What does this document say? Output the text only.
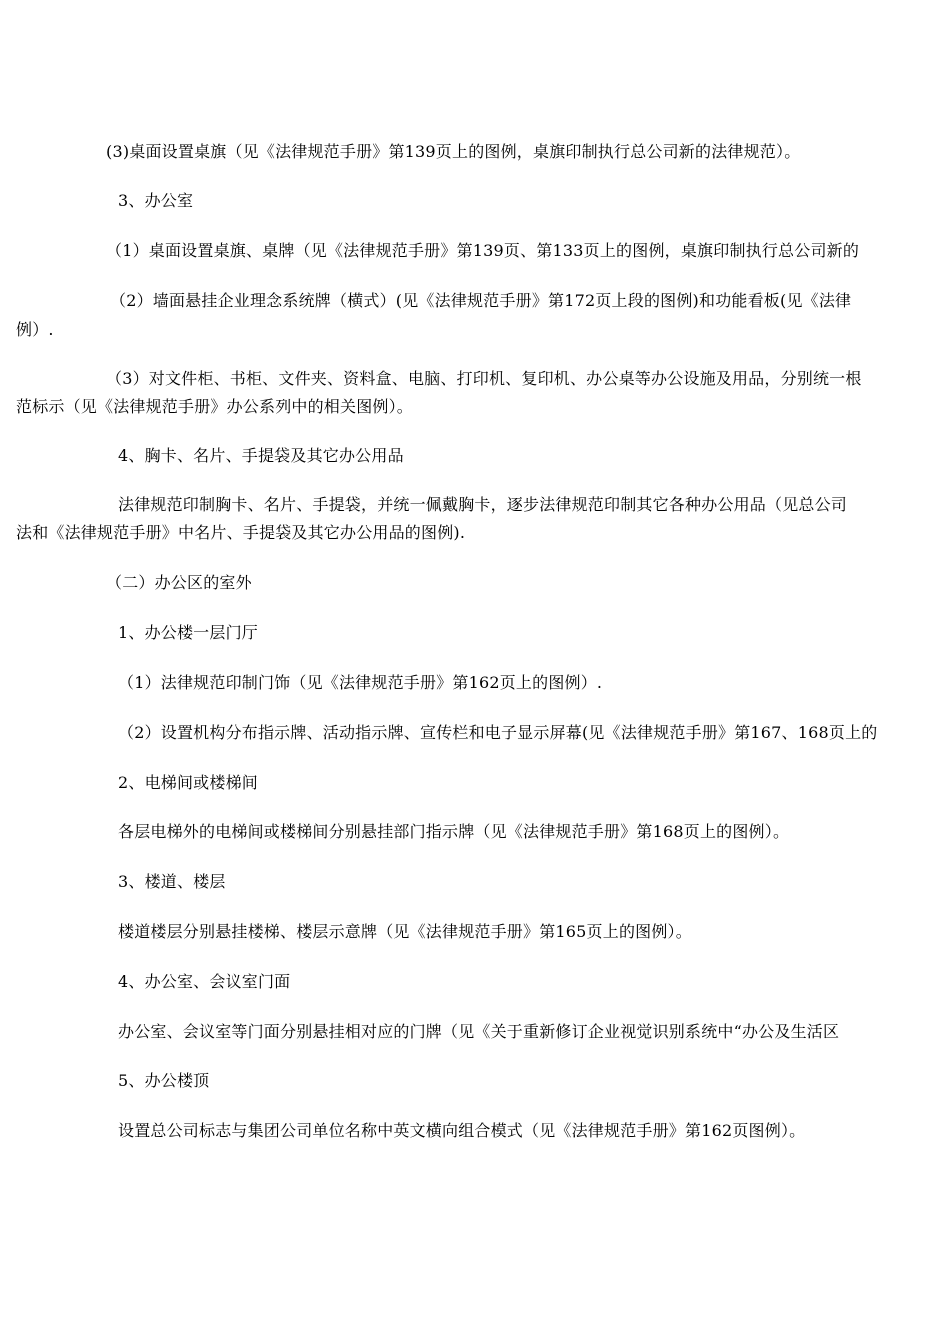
(3)桌面设置桌旗（见《法律规范手册》第139页上的图例，桌旗印制执行总公司新的法律规范）。
3、办公室
（1）桌面设置桌旗、桌牌（见《法律规范手册》第139页、第133页上的图例，桌旗印制执行总公司新的
（2）墙面悬挂企业理念系统牌（横式）(见《法律规范手册》第172页上段的图例)和功能看板(见《法律
例）.
（3）对文件柜、书柜、文件夹、资料盒、电脑、打印机、复印机、办公桌等办公设施及用品，分别统一根
范标示（见《法律规范手册》办公系列中的相关图例）。
4、胸卡、名片、手提袋及其它办公用品
法律规范印制胸卡、名片、手提袋，并统一佩戴胸卡，逐步法律规范印制其它各种办公用品（见总公司
法和《法律规范手册》中名片、手提袋及其它办公用品的图例).
（二）办公区的室外
1、办公楼一层门厅
（1）法律规范印制门饰（见《法律规范手册》第162页上的图例）.
（2）设置机构分布指示牌、活动指示牌、宣传栏和电子显示屏幕(见《法律规范手册》第167、168页上的
2、电梯间或楼梯间
各层电梯外的电梯间或楼梯间分别悬挂部门指示牌（见《法律规范手册》第168页上的图例）。
3、楼道、楼层
楼道楼层分别悬挂楼梯、楼层示意牌（见《法律规范手册》第165页上的图例）。
4、办公室、会议室门面
办公室、会议室等门面分别悬挂相对应的门牌（见《关于重新修订企业视觉识别系统中“办公及生活区
5、办公楼顶
设置总公司标志与集团公司单位名称中英文横向组合模式（见《法律规范手册》第162页图例）。
